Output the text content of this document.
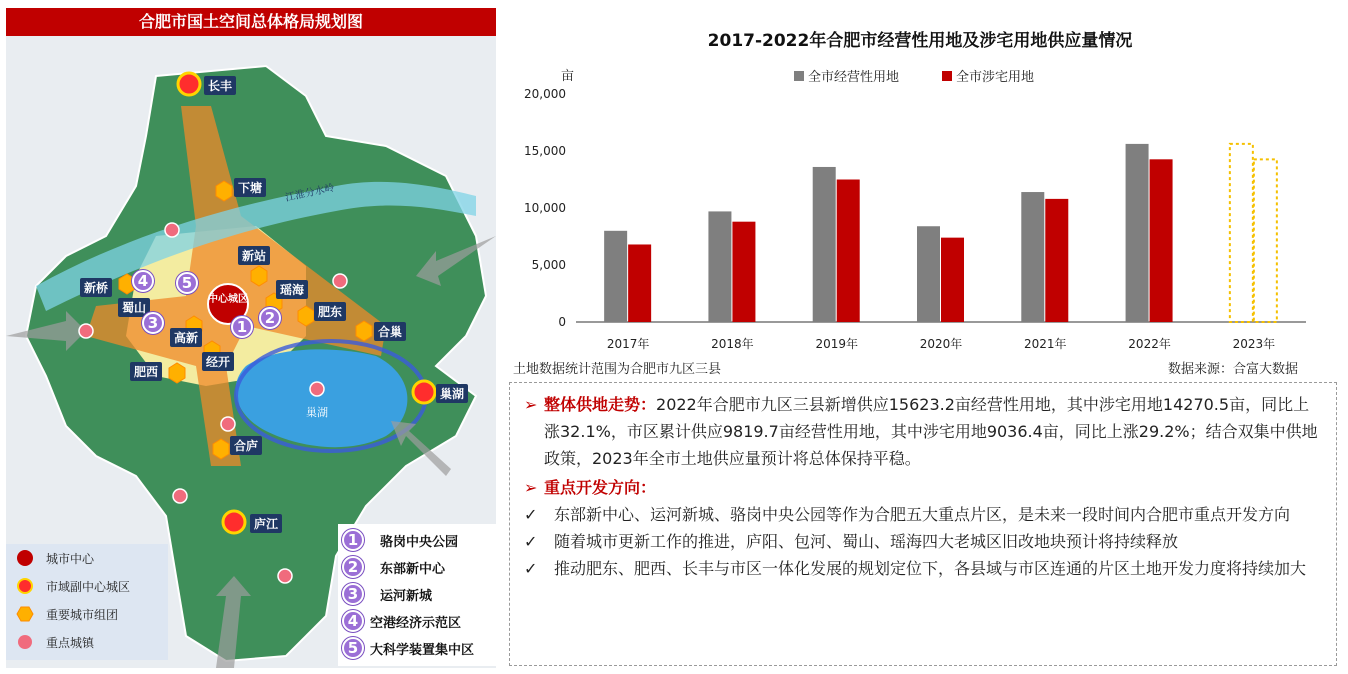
合肥市国土空间总体格局规划图
江淮分水岭
巢湖
中心城区
长丰
下塘
新站
新桥
蜀山
瑶海
肥东
高新	合巢
经开
肥西
巢湖
合庐
庐江
1	2
3
4	5
城市中心
市域副中心城区
重要城市组团
重点城镇
1	骆岗中央公园
2	东部新中心
3	运河新城
4 空港经济示范区
5 大科学装置集中区
2017-2022年合肥市经营性用地及涉宅用地供应量情况
亩
0
5,000
10,000
15,000
20,000
2017年	2018年	2019年	2020年	2021年	2022年	2023年
全市经营性用地	全市涉宅用地
土地数据统计范围为合肥市九区三县	数据来源：合富大数据
➢ 整体供地走势：2022年合肥市九区三县新增供应15623.2亩经营性用地，其中涉宅用地14270.5亩，同比上涨32.1%，市区累计供应9819.7亩经营性用地，其中涉宅用地9036.4亩，同比上涨29.2%；结合双集中供地政策，2023年全市土地供应量预计将总体保持平稳。
➢ 重点开发方向：
✓ 东部新中心、运河新城、骆岗中央公园等作为合肥五大重点片区，是未来一段时间内合肥市重点开发方向
✓ 随着城市更新工作的推进，庐阳、包河、蜀山、瑶海四大老城区旧改地块预计将持续释放
✓ 推动肥东、肥西、长丰与市区一体化发展的规划定位下，各县域与市区连通的片区土地开发力度将持续加大
